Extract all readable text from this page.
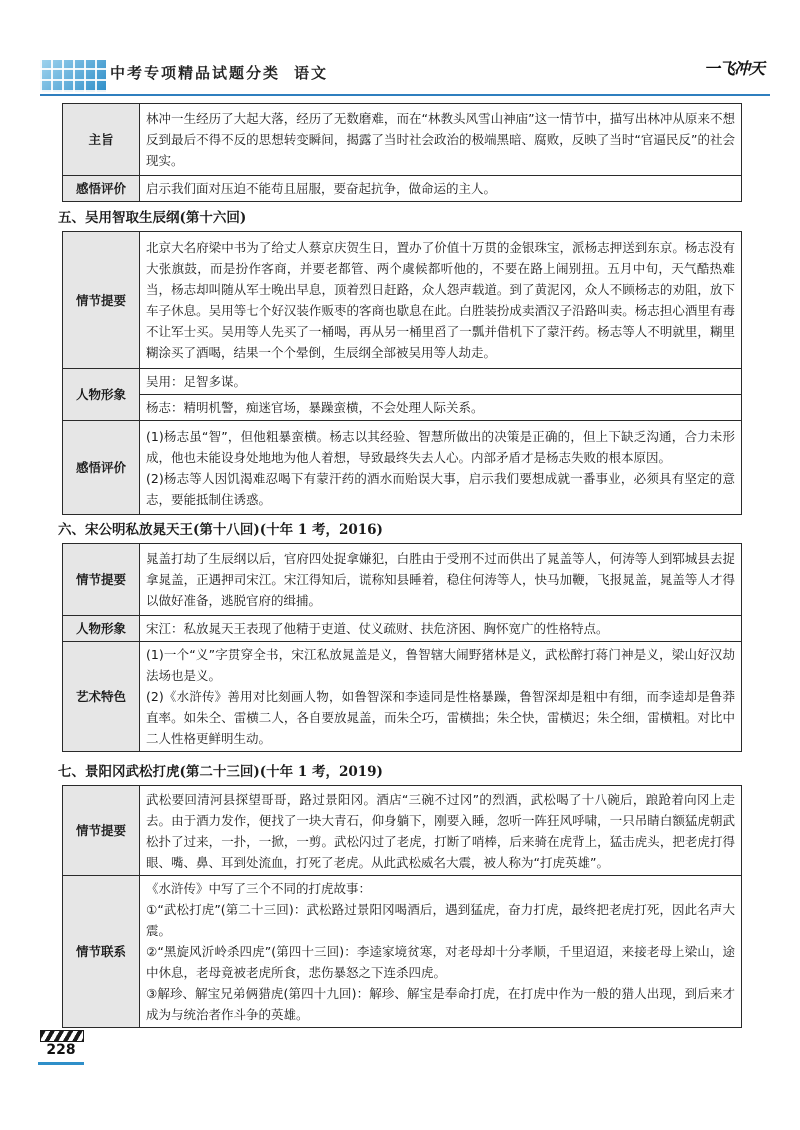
中考专项精品试题分类 语文	一飞冲天
主旨	林冲一生经历了大起大落，经历了无数磨难，而在“林教头风雪山神庙”这一情节中，描写出林冲从原来不想反到最后不得不反的思想转变瞬间，揭露了当时社会政治的极端黑暗、腐败，反映了当时“官逼民反”的社会现实。
感悟评价	启示我们面对压迫不能苟且屈服，要奋起抗争，做命运的主人。
五、吴用智取生辰纲(第十六回)
情节提要	北京大名府梁中书为了给丈人蔡京庆贺生日，置办了价值十万贯的金银珠宝，派杨志押送到东京。杨志没有大张旗鼓，而是扮作客商，并要老都管、两个虞候都听他的，不要在路上闹别扭。五月中旬，天气酷热难当，杨志却叫随从军士晚出早息，顶着烈日赶路，众人怨声载道。到了黄泥冈，众人不顾杨志的劝阻，放下车子休息。吴用等七个好汉装作贩枣的客商也歇息在此。白胜装扮成卖酒汉子沿路叫卖。杨志担心酒里有毒不让军士买。吴用等人先买了一桶喝，再从另一桶里舀了一瓢并借机下了蒙汗药。杨志等人不明就里，糊里糊涂买了酒喝，结果一个个晕倒，生辰纲全部被吴用等人劫走。
人物形象	吴用：足智多谋。
	杨志：精明机警，痴迷官场，暴躁蛮横，不会处理人际关系。
感悟评价	(1)杨志虽“智”，但他粗暴蛮横。杨志以其经验、智慧所做出的决策是正确的，但上下缺乏沟通，合力未形成，他也未能设身处地地为他人着想，导致最终失去人心。内部矛盾才是杨志失败的根本原因。

(2)杨志等人因饥渴难忍喝下有蒙汗药的酒水而贻误大事，启示我们要想成就一番事业，必须具有坚定的意志，要能抵制住诱惑。

六、宋公明私放晁天王(第十八回)(十年 1 考，2016)
情节提要	晁盖打劫了生辰纲以后，官府四处捉拿嫌犯，白胜由于受刑不过而供出了晁盖等人，何涛等人到郓城县去捉拿晁盖，正遇押司宋江。宋江得知后，谎称知县睡着，稳住何涛等人，快马加鞭，飞报晁盖，晁盖等人才得以做好准备，逃脱官府的缉捕。
人物形象	宋江：私放晁天王表现了他精于吏道、仗义疏财、扶危济困、胸怀宽广的性格特点。
艺术特色	(1)一个“义”字贯穿全书，宋江私放晁盖是义，鲁智辖大闹野猪林是义，武松醉打蒋门神是义，梁山好汉劫法场也是义。

(2)《水浒传》善用对比刻画人物，如鲁智深和李逵同是性格暴躁，鲁智深却是粗中有细，而李逵却是鲁莽直率。如朱仝、雷横二人，各自要放晁盖，而朱仝巧，雷横拙；朱仝快，雷横迟；朱仝细，雷横粗。对比中二人性格更鲜明生动。

七、景阳冈武松打虎(第二十三回)(十年 1 考，2019)
情节提要	武松要回清河县探望哥哥，路过景阳冈。酒店“三碗不过冈”的烈酒，武松喝了十八碗后，踉跄着向冈上走去。由于酒力发作，便找了一块大青石，仰身躺下，刚要入睡，忽听一阵狂风呼啸，一只吊睛白额猛虎朝武松扑了过来，一扑，一掀，一剪。武松闪过了老虎，打断了哨棒，后来骑在虎背上，猛击虎头，把老虎打得眼、嘴、鼻、耳到处流血，打死了老虎。从此武松威名大震，被人称为“打虎英雄”。
情节联系	《水浒传》中写了三个不同的打虎故事：

①“武松打虎”(第二十三回)：武松路过景阳冈喝酒后，遇到猛虎，奋力打虎，最终把老虎打死，因此名声大震。

②“黑旋风沂岭杀四虎”(第四十三回)：李逵家境贫寒，对老母却十分孝顺，千里迢迢，来接老母上梁山，途中休息，老母竟被老虎所食，悲伤暴怒之下连杀四虎。

③解珍、解宝兄弟俩猎虎(第四十九回)：解珍、解宝是奉命打虎，在打虎中作为一般的猎人出现，到后来才成为与统治者作斗争的英雄。

228
